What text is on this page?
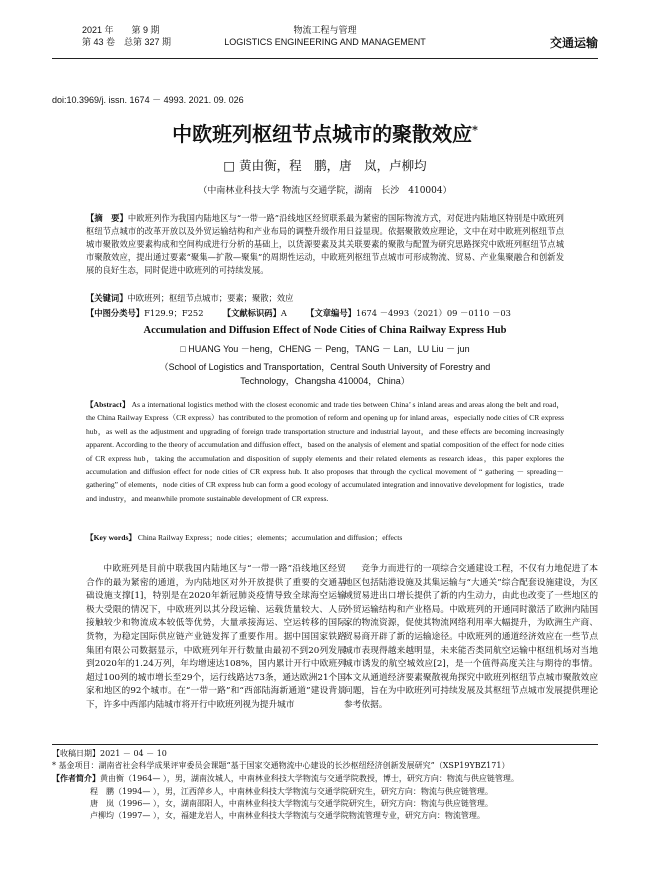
2021 年　　第 9 期
第 43 卷　总第 327 期
物流工程与管理
LOGISTICS ENGINEERING AND MANAGEMENT	交通运输
doi:10.3969/j. issn. 1674 － 4993. 2021. 09. 026
中欧班列枢纽节点城市的聚散效应*
□ 黄由衡，程　鹏，唐　岚，卢柳均
（中南林业科技大学 物流与交通学院，湖南　长沙　410004）
【摘　要】中欧班列作为我国内陆地区与“一带一路”沿线地区经贸联系最为紧密的国际物流方式，对促进内陆地区特别是中欧班列枢纽节点城市的改革开放以及外贸运输结构和产业布局的调整升级作用日益显现。依据聚散效应理论，文中在对中欧班列枢纽节点城市聚散效应要素构成和空间构成进行分析的基础上，以货源要素及其关联要素的聚散与配置为研究思路探究中欧班列枢纽节点城市聚散效应，提出通过要素“聚集—扩散—聚集”的周期性运动，中欧班列枢纽节点城市可形成物流、贸易、产业集聚融合和创新发展的良好生态，同时促进中欧班列的可持续发展。
【关键词】中欧班列；枢纽节点城市；要素；聚散；效应
【中图分类号】F129.9；F252 【文献标识码】A 【文章编号】1674 －4993（2021）09 －0110 －03
Accumulation and Diffusion Effect of Node Cities of China Railway Express Hub
□ HUANG You －heng，CHENG － Peng，TANG － Lan，LU Liu － jun
（School of Logistics and Transportation，Central South University of Forestry and
Technology，Changsha 410004，China）
【Abstract】 As a international logistics method with the closest economic and trade ties between China’ s inland areas and areas along the belt and road，the China Railway Express（CR express）has contributed to the promotion of reform and opening up for inland areas，especially node cities of CR express hub，as well as the adjustment and upgrading of foreign trade transportation structure and industrial layout，and these effects are becoming increasingly apparent. According to the theory of accumulation and diffusion effect，based on the analysis of element and spatial composition of the effect for node cities of CR express hub，taking the accumulation and disposition of supply elements and their related elements as research ideas，this paper explores the accumulation and diffusion effect for node cities of CR express hub. It also proposes that through the cyclical movement of “ gathering － spreading－gathering” of elements，node cities of CR express hub can form a good ecology of accumulated integration and innovative development for logistics，trade and industry，and meanwhile promote sustainable development of CR express.
【Key words】 China Railway Express；node cities；elements；accumulation and diffusion；effects
中欧班列是目前中联我国内陆地区与“一带一路”沿线地区经贸合作的最为紧密的通道，为内陆地区对外开放提供了重要的交通基础设施支撑[1]，特别是在2020年新冠肺炎疫情导致全球海空运输极大受限的情况下，中欧班列以其分段运输、运载货量较大、人员接触较少和物流成本较低等优势，大量承接海运、空运转移的国际货物，为稳定国际供应链产业链发挥了重要作用。据中国国家铁路集团有限公司数据显示，中欧班列年开行数量由最初不到20列发展到2020年的1.24万列，年均增速达108%，国内累计开行中欧班列超过100列的城市增长至29个，运行线路达73条，通达欧洲21个国家和地区的92个城市。在“一带一路”和“西部陆海新通道”建设背景下，许多中西部内陆城市将开行中欧班列视为提升城市
竞争力而进行的一项综合交通建设工程，不仅有力地促进了本地区包括陆港设施及其集运输与“大通关”综合配套设施建设，为区域贸易进出口增长提供了新的内生动力，由此也改变了一些地区的外贸运输结构和产业格局。中欧班列的开通同时激活了欧洲内陆国家的物流资源，促使其物流网络利用率大幅提升，为欧洲生产商、贸易商开辟了新的运输途径。中欧班列的通道经济效应在一些节点城市表现得越来越明显，未来能否类同航空运输中枢纽机场对当地城市诱发的航空城效应[2]，是一个值得高度关注与期待的事情。本文从通道经济要素聚散视角探究中欧班列枢纽节点城市聚散效应问题，旨在为中欧班列可持续发展及其枢纽节点城市发展提供理论参考依据。
【收稿日期】2021 － 04 － 10
* 基金项目：湖南省社会科学成果评审委员会课题“基于国家交通物流中心建设的长沙枢纽经济创新发展研究”（XSP19YBZ171）
【作者简介】黄由衡（1964— ），男，湖南汝城人，中南林业科技大学物流与交通学院教授，博士，研究方向：物流与供应链管理。
程　鹏（1994— ），男，江西萍乡人，中南林业科技大学物流与交通学院研究生，研究方向：物流与供应链管理。
唐　岚（1996— ），女，湖南邵阳人，中南林业科技大学物流与交通学院研究生，研究方向：物流与供应链管理。
卢柳均（1997— ），女，福建龙岩人，中南林业科技大学物流与交通学院物流管理专业，研究方向：物流管理。
